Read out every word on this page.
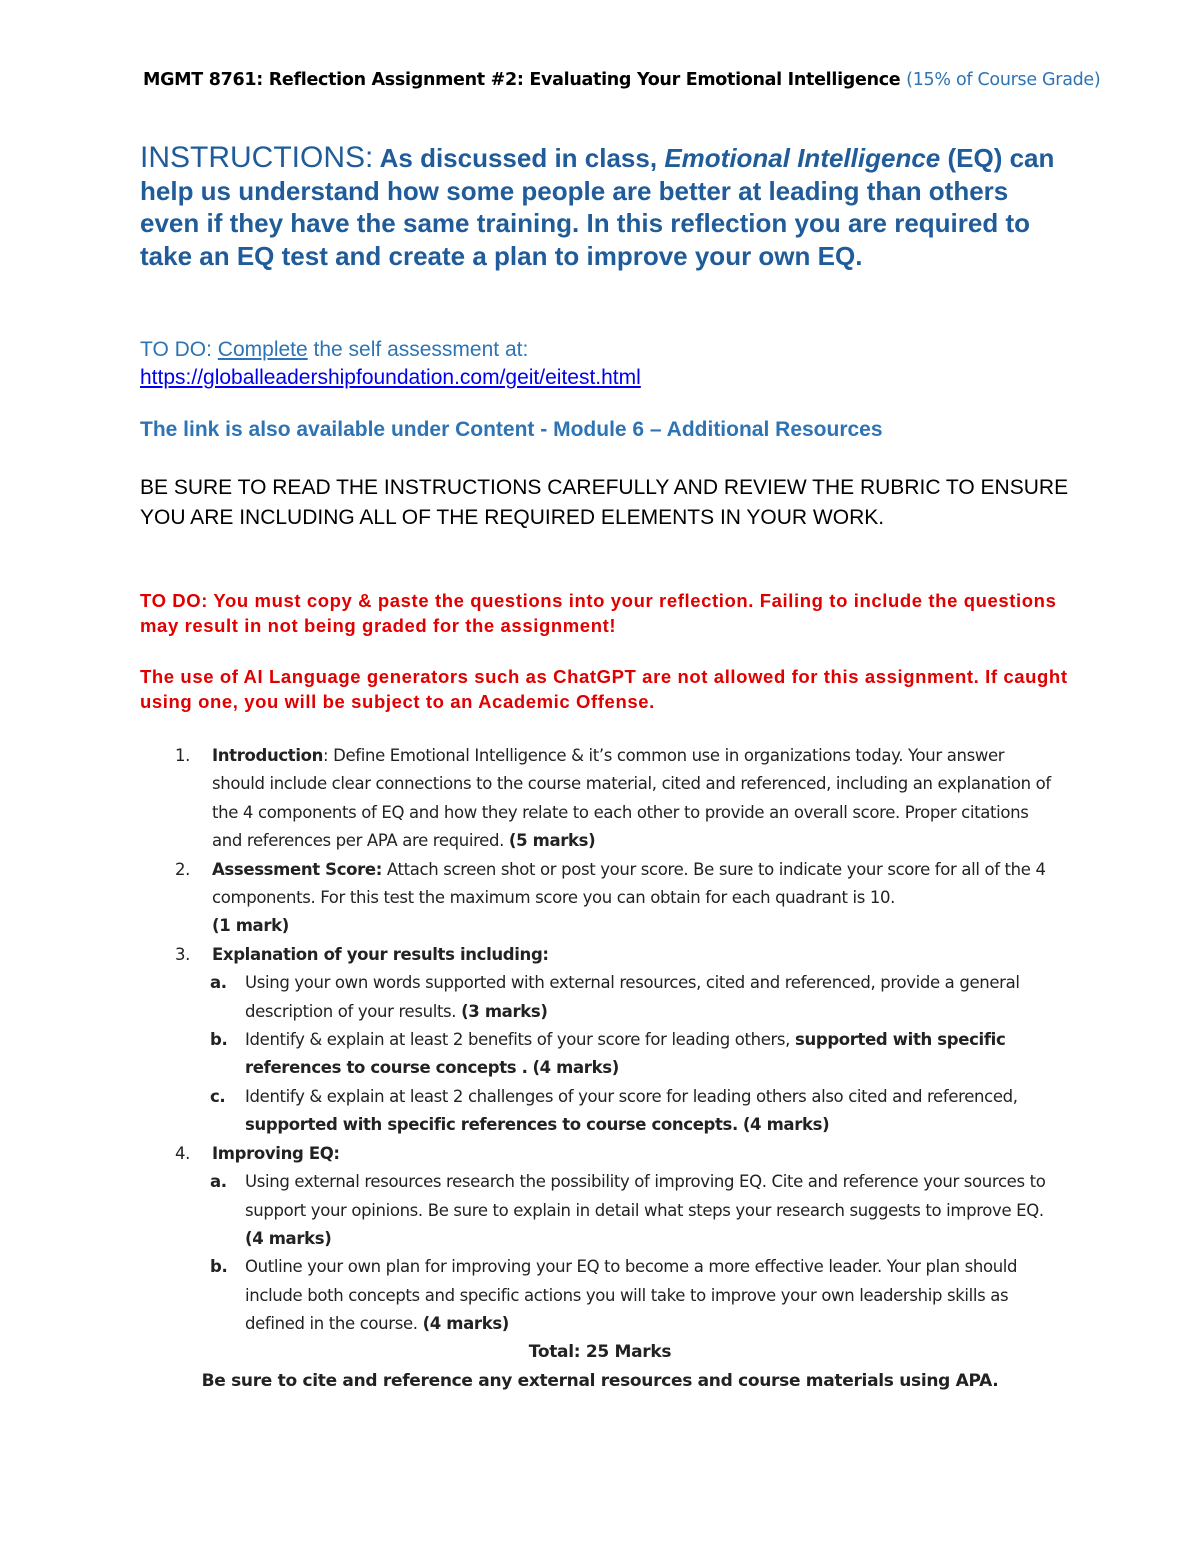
MGMT 8761: Reflection Assignment #2: Evaluating Your Emotional Intelligence (15% of Course Grade)
INSTRUCTIONS: As discussed in class, Emotional Intelligence (EQ) can help us understand how some people are better at leading than others even if they have the same training. In this reflection you are required to take an EQ test and create a plan to improve your own EQ.
TO DO: Complete the self assessment at:
https://globalleadershipfoundation.com/geit/eitest.html
The link is also available under Content - Module 6 – Additional Resources
BE SURE TO READ THE INSTRUCTIONS CAREFULLY AND REVIEW THE RUBRIC TO ENSURE YOU ARE INCLUDING ALL OF THE REQUIRED ELEMENTS IN YOUR WORK.
TO DO: You must copy & paste the questions into your reflection. Failing to include the questions may result in not being graded for the assignment!
The use of AI Language generators such as ChatGPT are not allowed for this assignment. If caught using one, you will be subject to an Academic Offense.
1. Introduction: Define Emotional Intelligence & it’s common use in organizations today. Your answer should include clear connections to the course material, cited and referenced, including an explanation of the 4 components of EQ and how they relate to each other to provide an overall score. Proper citations and references per APA are required. (5 marks)
2. Assessment Score: Attach screen shot or post your score. Be sure to indicate your score for all of the 4 components. For this test the maximum score you can obtain for each quadrant is 10.
(1 mark)
3. Explanation of your results including:
a. Using your own words supported with external resources, cited and referenced, provide a general description of your results. (3 marks)
b. Identify & explain at least 2 benefits of your score for leading others, supported with specific references to course concepts . (4 marks)
c. Identify & explain at least 2 challenges of your score for leading others also cited and referenced, supported with specific references to course concepts. (4 marks)
4. Improving EQ:
a. Using external resources research the possibility of improving EQ. Cite and reference your sources to support your opinions. Be sure to explain in detail what steps your research suggests to improve EQ. (4 marks)
b. Outline your own plan for improving your EQ to become a more effective leader. Your plan should include both concepts and specific actions you will take to improve your own leadership skills as defined in the course. (4 marks)
Total: 25 Marks
Be sure to cite and reference any external resources and course materials using APA.
